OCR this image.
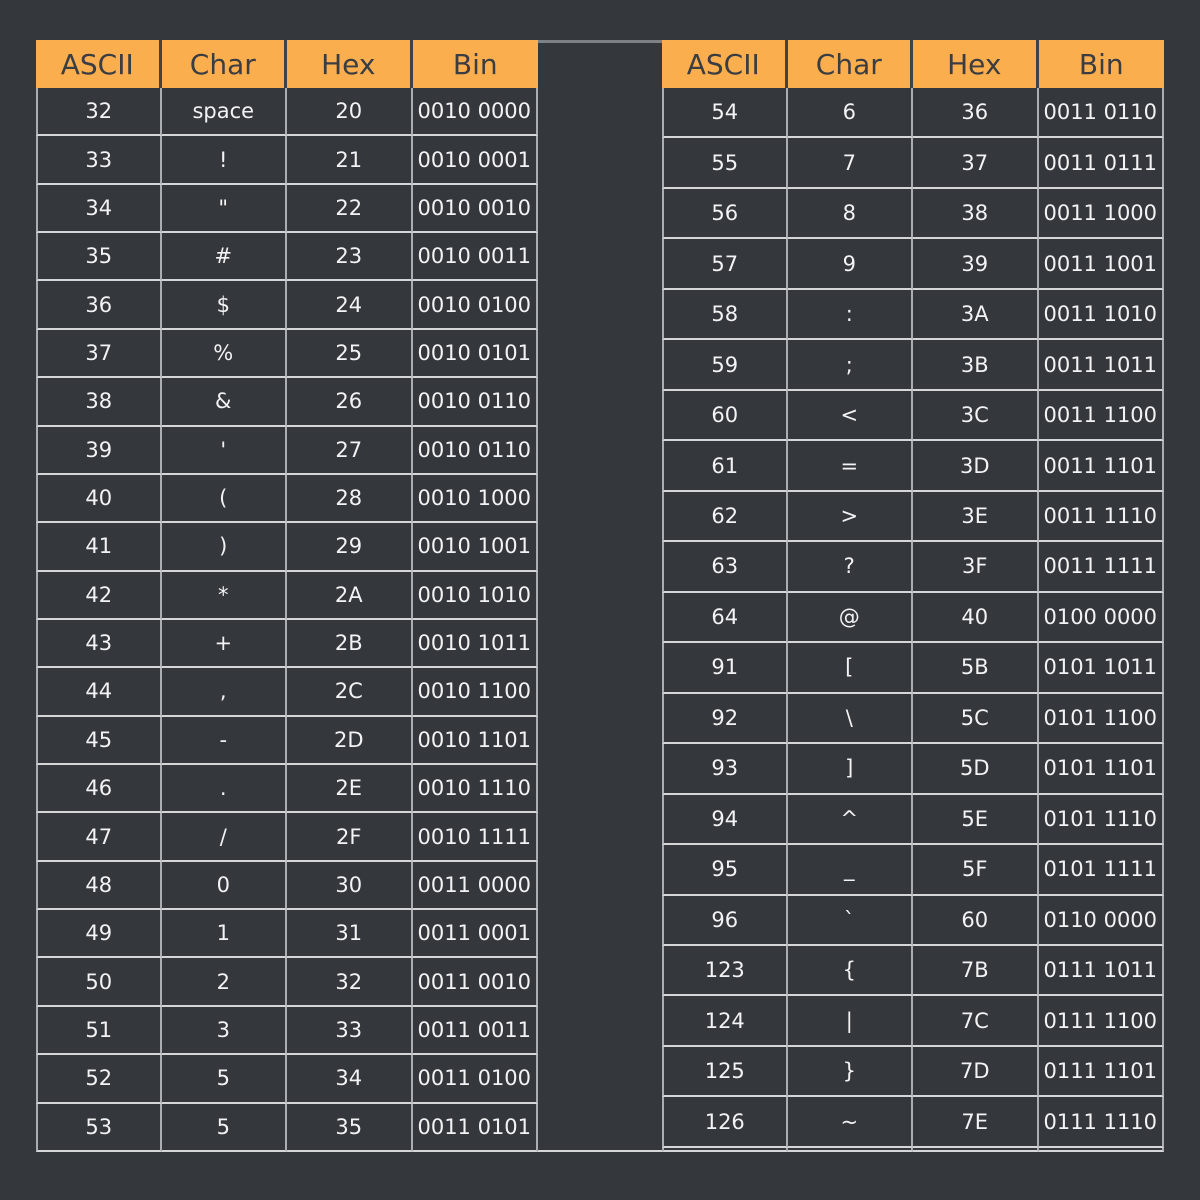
ASCII	Char	Hex	Bin
32	space	20	0010 0000
33	!	21	0010 0001
34	"	22	0010 0010
35	#	23	0010 0011
36	$	24	0010 0100
37	%	25	0010 0101
38	&	26	0010 0110
39	'	27	0010 0110
40	(	28	0010 1000
41	)	29	0010 1001
42	*	2A	0010 1010
43	+	2B	0010 1011
44	,	2C	0010 1100
45	-	2D	0010 1101
46	.	2E	0010 1110
47	/	2F	0010 1111
48	0	30	0011 0000
49	1	31	0011 0001
50	2	32	0011 0010
51	3	33	0011 0011
52	5	34	0011 0100
53	5	35	0011 0101
ASCII	Char	Hex	Bin
54	6	36	0011 0110
55	7	37	0011 0111
56	8	38	0011 1000
57	9	39	0011 1001
58	:	3A	0011 1010
59	;	3B	0011 1011
60	<	3C	0011 1100
61	=	3D	0011 1101
62	>	3E	0011 1110
63	?	3F	0011 1111
64	@	40	0100 0000
91	[	5B	0101 1011
92	\	5C	0101 1100
93	]	5D	0101 1101
94	^	5E	0101 1110
95	_	5F	0101 1111
96	`	60	0110 0000
123	{	7B	0111 1011
124	|	7C	0111 1100
125	}	7D	0111 1101
126	~	7E	0111 1110
